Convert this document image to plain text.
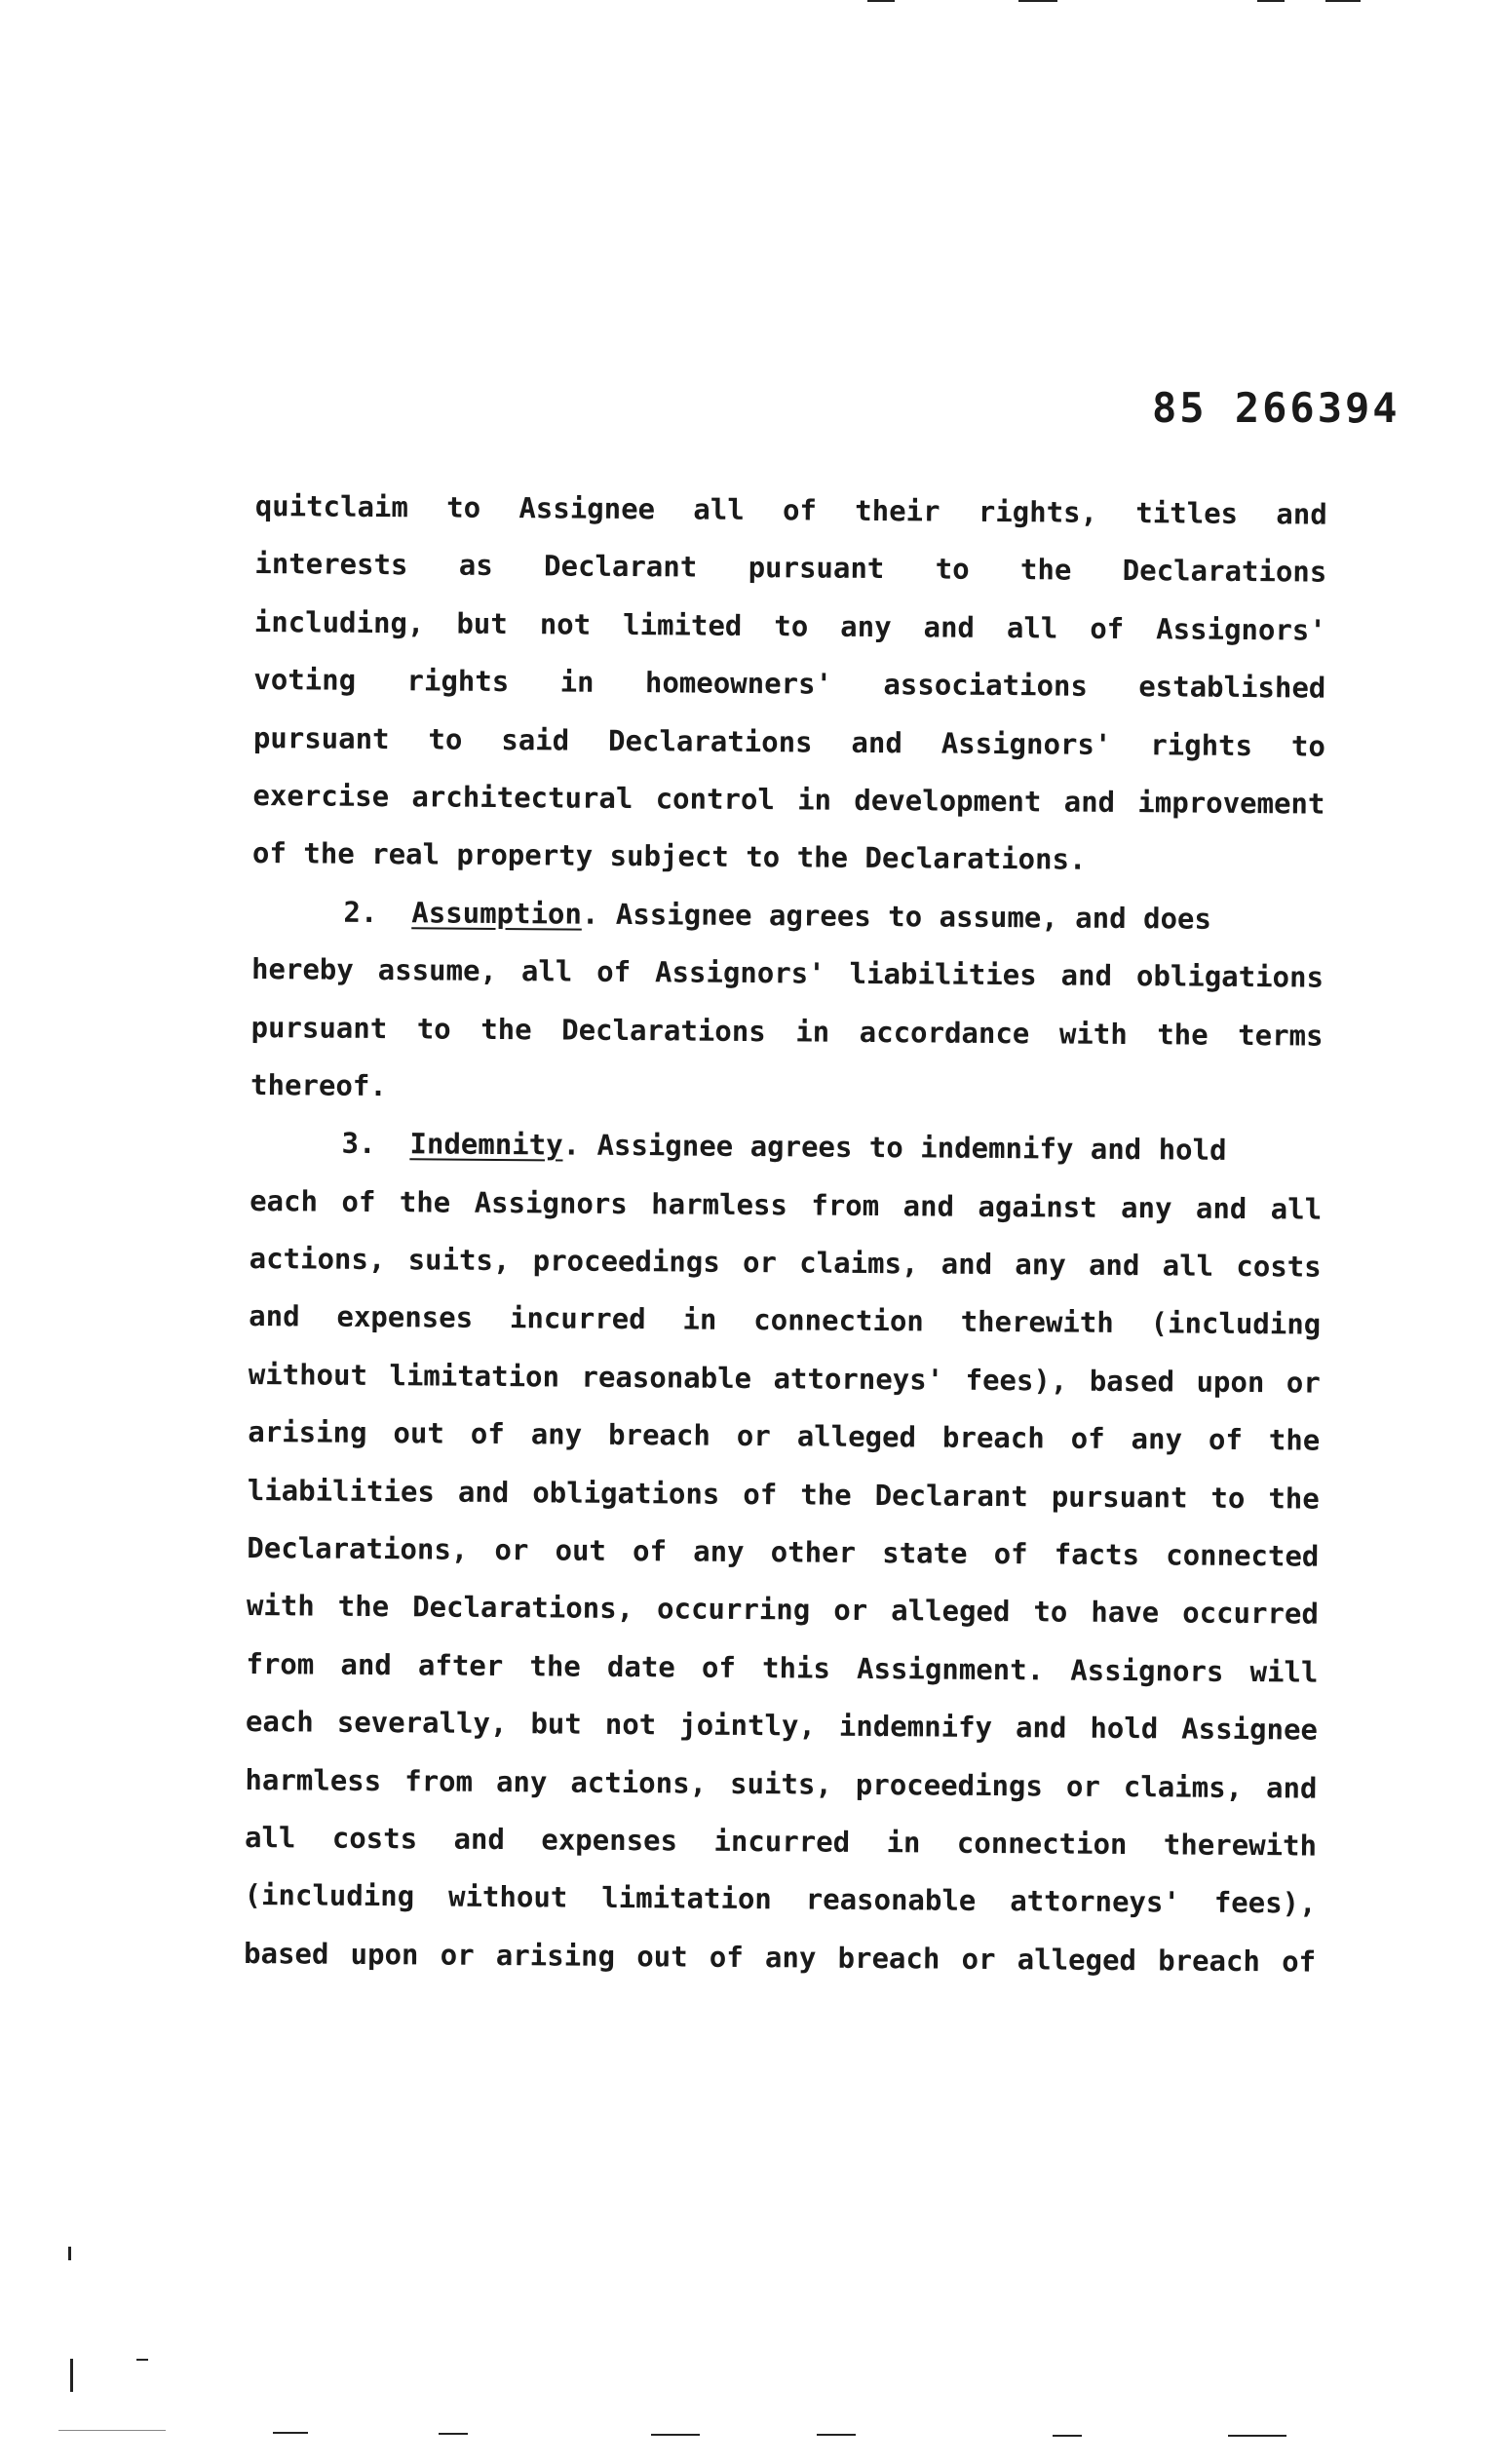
85 266394
quitclaim to Assignee all of their rights, titles and
interests as Declarant pursuant to the Declarations
including, but not limited to any and all of Assignors'
voting rights in homeowners' associations established
pursuant to said Declarations and Assignors' rights to
exercise architectural control in development and improvement
of the real property subject to the Declarations.
2. Assumption. Assignee agrees to assume, and does
hereby assume, all of Assignors' liabilities and obligations
pursuant to the Declarations in accordance with the terms
thereof.
3. Indemnity. Assignee agrees to indemnify and hold
each of the Assignors harmless from and against any and all
actions, suits, proceedings or claims, and any and all costs
and expenses incurred in connection therewith (including
without limitation reasonable attorneys' fees), based upon or
arising out of any breach or alleged breach of any of the
liabilities and obligations of the Declarant pursuant to the
Declarations, or out of any other state of facts connected
with the Declarations, occurring or alleged to have occurred
from and after the date of this Assignment. Assignors will
each severally, but not jointly, indemnify and hold Assignee
harmless from any actions, suits, proceedings or claims, and
all costs and expenses incurred in connection therewith
(including without limitation reasonable attorneys' fees),
based upon or arising out of any breach or alleged breach of
